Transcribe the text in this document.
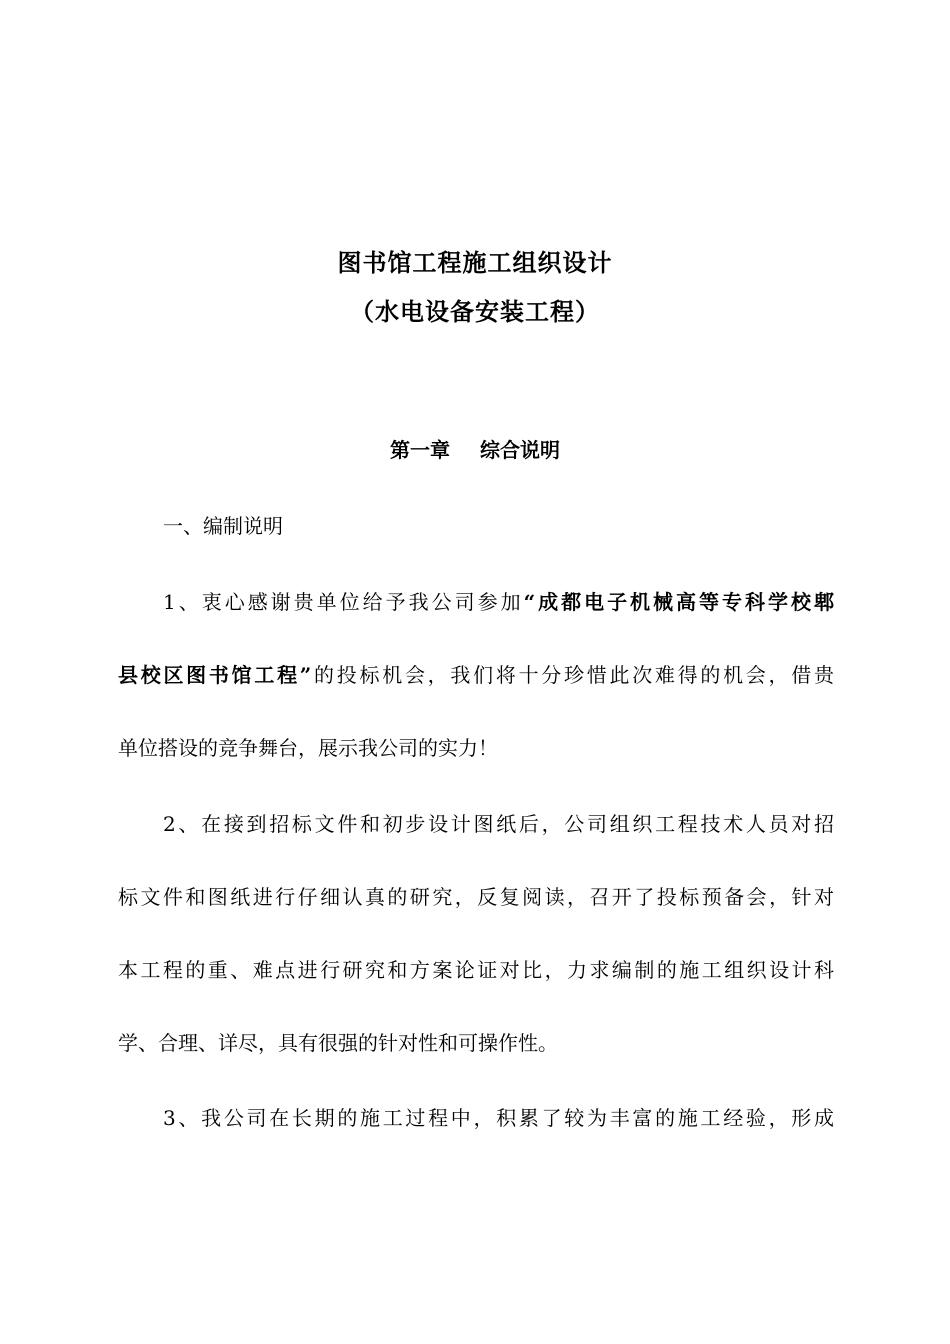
图书馆工程施工组织设计
（水电设备安装工程）
第一章 综合说明
一、编制说明
1、衷心感谢贵单位给予我公司参加“成都电子机械高等专科学校郫
县校区图书馆工程”的投标机会，我们将十分珍惜此次难得的机会，借贵
单位搭设的竞争舞台，展示我公司的实力！
2、在接到招标文件和初步设计图纸后，公司组织工程技术人员对招
标文件和图纸进行仔细认真的研究，反复阅读，召开了投标预备会，针对
本工程的重、难点进行研究和方案论证对比，力求编制的施工组织设计科
学、合理、详尽，具有很强的针对性和可操作性。
3、我公司在长期的施工过程中，积累了较为丰富的施工经验，形成
